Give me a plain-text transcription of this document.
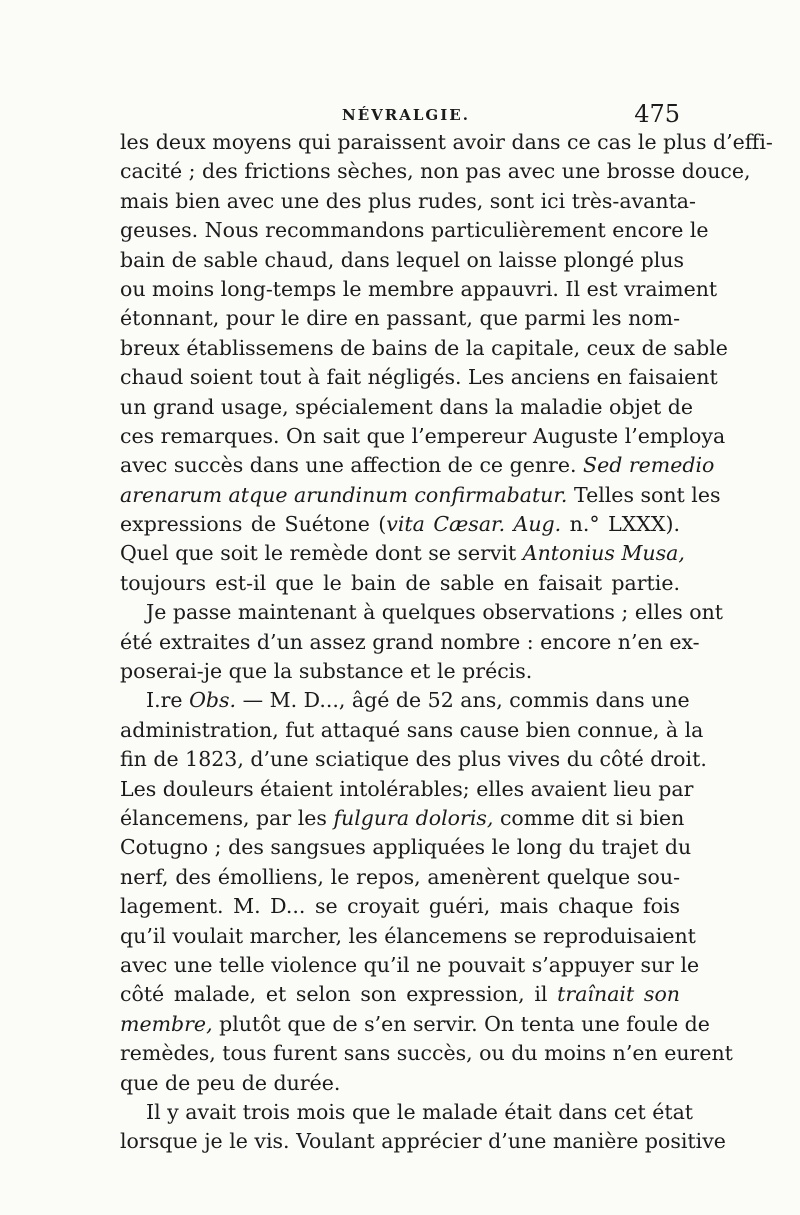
NÉVRALGIE.	475
les deux moyens qui paraissent avoir dans ce cas le plus d’effi-
cacité ; des frictions sèches, non pas avec une brosse douce,
mais bien avec une des plus rudes, sont ici très-avanta-
geuses. Nous recommandons particulièrement encore le
bain de sable chaud, dans lequel on laisse plongé plus
ou moins long-temps le membre appauvri. Il est vraiment
étonnant, pour le dire en passant, que parmi les nom-
breux établissemens de bains de la capitale, ceux de sable
chaud soient tout à fait négligés. Les anciens en faisaient
un grand usage, spécialement dans la maladie objet de
ces remarques. On sait que l’empereur Auguste l’employa
avec succès dans une affection de ce genre. Sed remedio
arenarum atque arundinum confirmabatur. Telles sont les
expressions de Suétone (vita Cæsar. Aug. n.° LXXX).
Quel que soit le remède dont se servit Antonius Musa,
toujours est-il que le bain de sable en faisait partie.
Je passe maintenant à quelques observations ; elles ont
été extraites d’un assez grand nombre : encore n’en ex-
poserai-je que la substance et le précis.
I.re Obs. — M. D..., âgé de 52 ans, commis dans une
administration, fut attaqué sans cause bien connue, à la
fin de 1823, d’une sciatique des plus vives du côté droit.
Les douleurs étaient intolérables; elles avaient lieu par
élancemens, par les fulgura doloris, comme dit si bien
Cotugno ; des sangsues appliquées le long du trajet du
nerf, des émolliens, le repos, amenèrent quelque sou-
lagement. M. D... se croyait guéri, mais chaque fois
qu’il voulait marcher, les élancemens se reproduisaient
avec une telle violence qu’il ne pouvait s’appuyer sur le
côté malade, et selon son expression, il traînait son
membre, plutôt que de s’en servir. On tenta une foule de
remèdes, tous furent sans succès, ou du moins n’en eurent
que de peu de durée.
Il y avait trois mois que le malade était dans cet état
lorsque je le vis. Voulant apprécier d’une manière positive
